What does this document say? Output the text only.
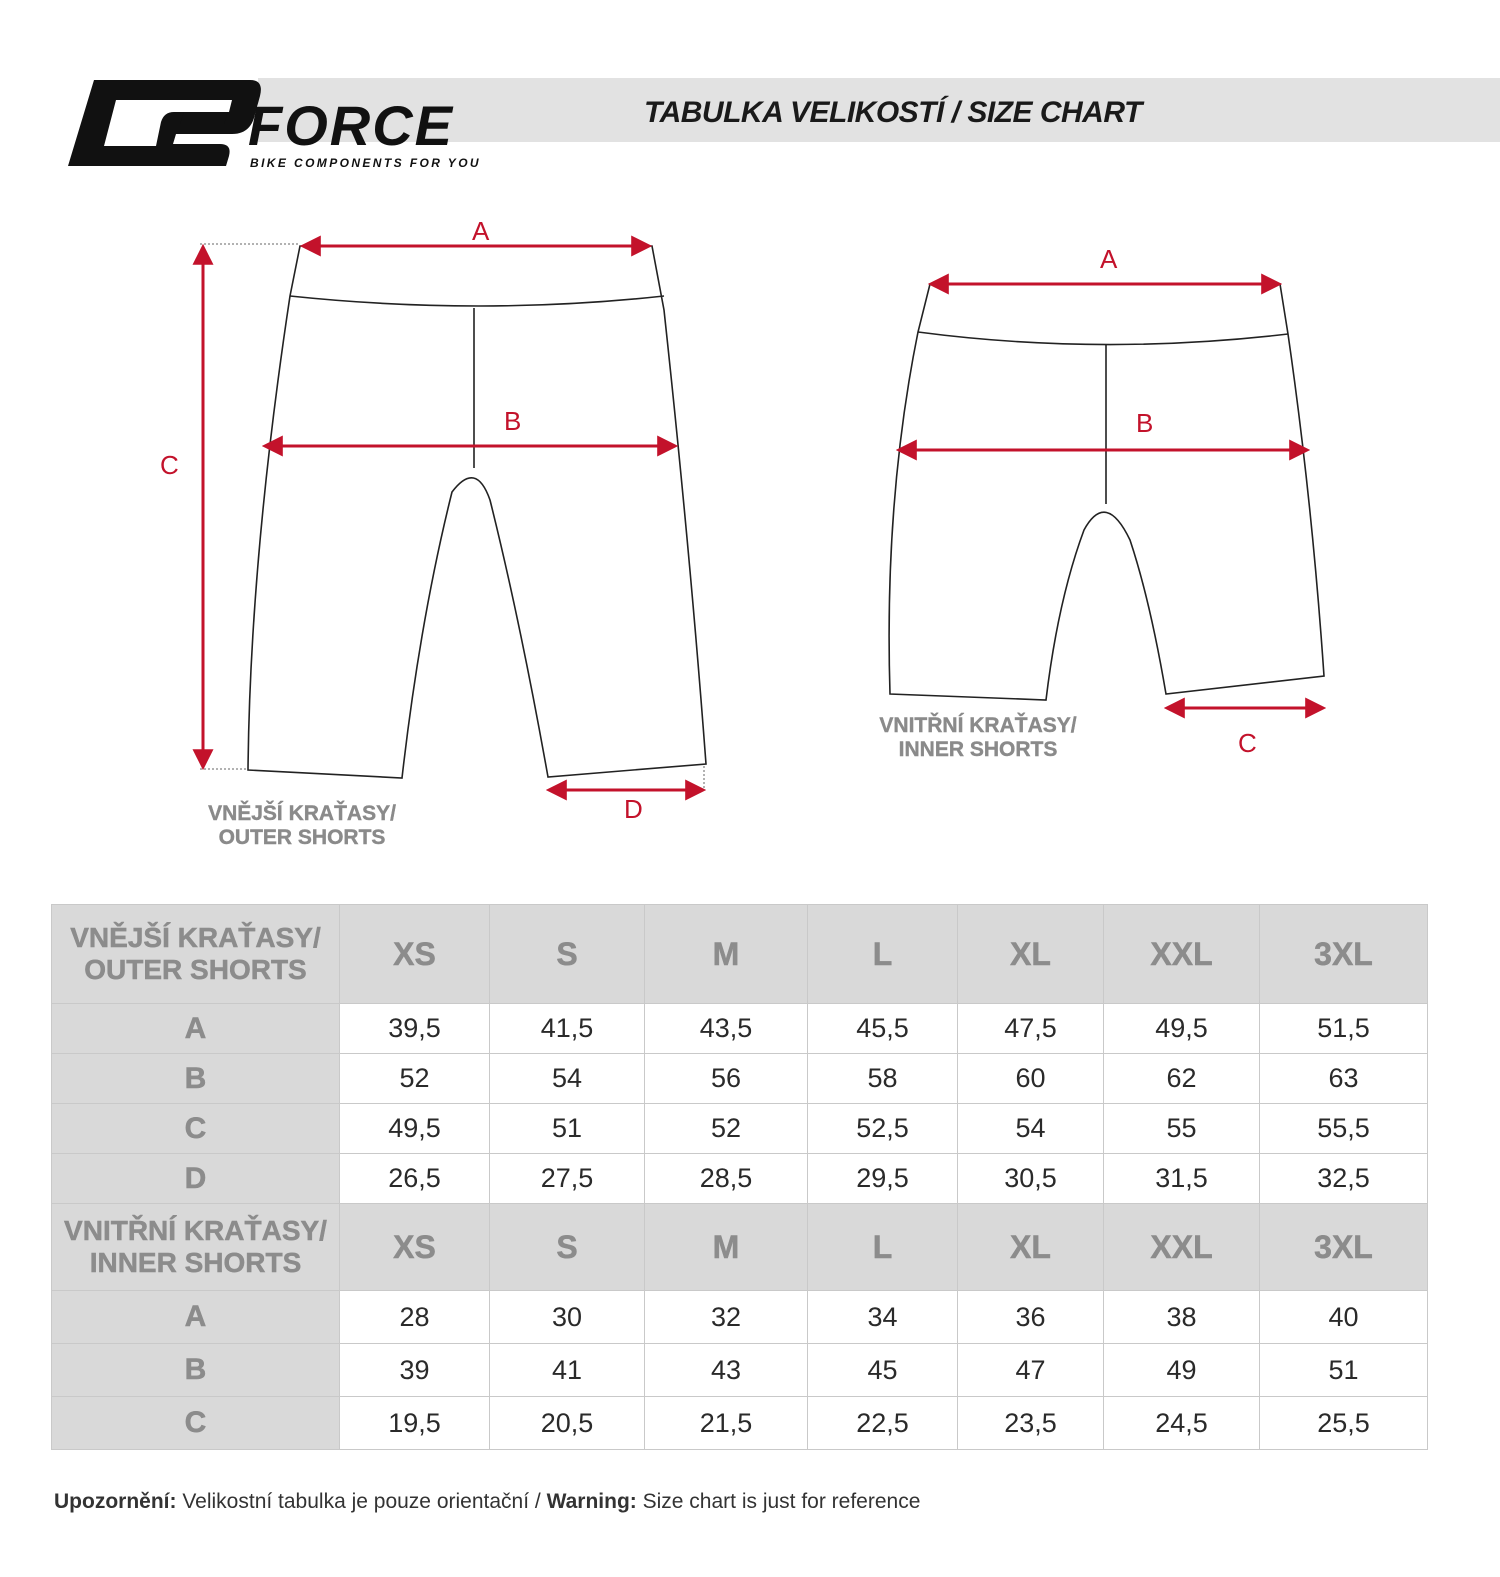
TABULKA VELIKOSTÍ / SIZE CHART
FORCE
BIKE COMPONENTS FOR YOU
A
B
C
D
A
B
C
VNĚJŠÍ KRAŤASY/
OUTER SHORTS
VNITŘNÍ KRAŤASY/
INNER SHORTS
VNĚJŠÍ KRAŤASY/
OUTER SHORTS	XS	S	M	L	XL	XXL	3XL
A	39,5	41,5	43,5	45,5	47,5	49,5	51,5
B	52	54	56	58	60	62	63
C	49,5	51	52	52,5	54	55	55,5
D	26,5	27,5	28,5	29,5	30,5	31,5	32,5

VNITŘNÍ KRAŤASY/
INNER SHORTS	XS	S	M	L	XL	XXL	3XL
A	28	30	32	34	36	38	40
B	39	41	43	45	47	49	51
C	19,5	20,5	21,5	22,5	23,5	24,5	25,5
Upozornění: Velikostní tabulka je pouze orientační / Warning: Size chart is just for reference
